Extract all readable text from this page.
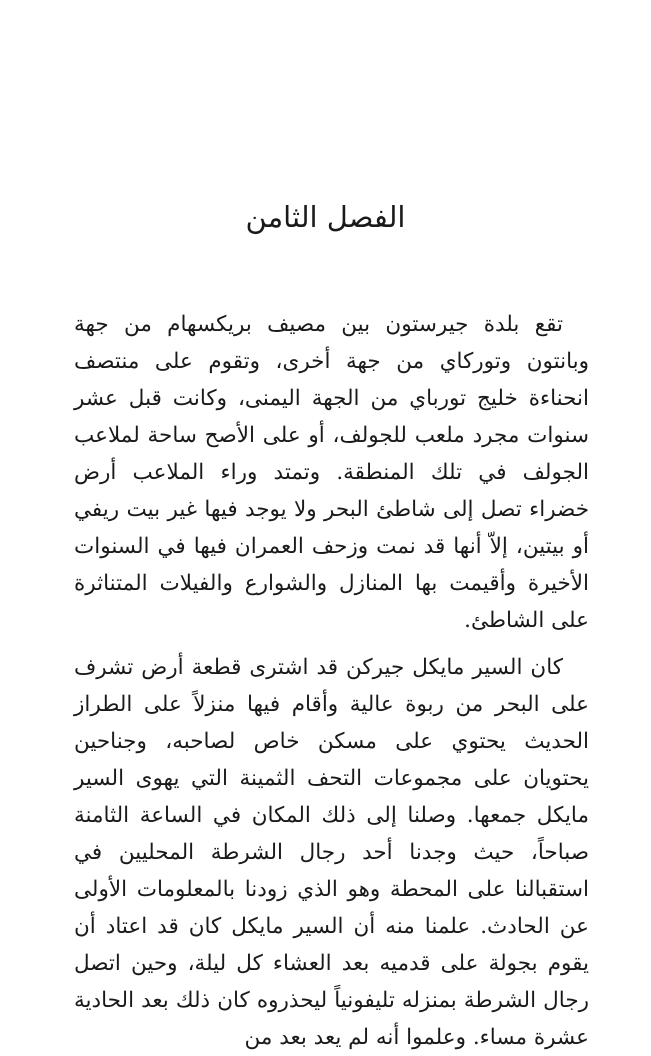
الفصل الثامن

تقع بلدة جيرستون بين مصيف بريكسهام من جهة وبانتون وتوركاي من جهة أخرى، وتقوم على منتصف انحناءة خليج تورباي من الجهة اليمنى، وكانت قبل عشر سنوات مجرد ملعب للجولف، أو على الأصح ساحة لملاعب الجولف في تلك المنطقة. وتمتد وراء الملاعب أرض خضراء تصل إلى شاطئ البحر ولا يوجد فيها غير بيت ريفي أو بيتين، إلاّ أنها قد نمت وزحف العمران فيها في السنوات الأخيرة وأقيمت بها المنازل والشوارع والفيلات المتناثرة على الشاطئ.

كان السير مايكل جيركن قد اشترى قطعة أرض تشرف على البحر من ربوة عالية وأقام فيها منزلاً على الطراز الحديث يحتوي على مسكن خاص لصاحبه، وجناحين يحتويان على مجموعات التحف الثمينة التي يهوى السير مايكل جمعها. وصلنا إلى ذلك المكان في الساعة الثامنة صباحاً، حيث وجدنا أحد رجال الشرطة المحليين في استقبالنا على المحطة وهو الذي زودنا بالمعلومات الأولى عن الحادث. علمنا منه أن السير مايكل كان قد اعتاد أن يقوم بجولة على قدميه بعد العشاء كل ليلة، وحين اتصل رجال الشرطة بمنزله تليفونياً ليحذروه كان ذلك بعد الحادية عشرة مساء. وعلموا أنه لم يعد بعد من
